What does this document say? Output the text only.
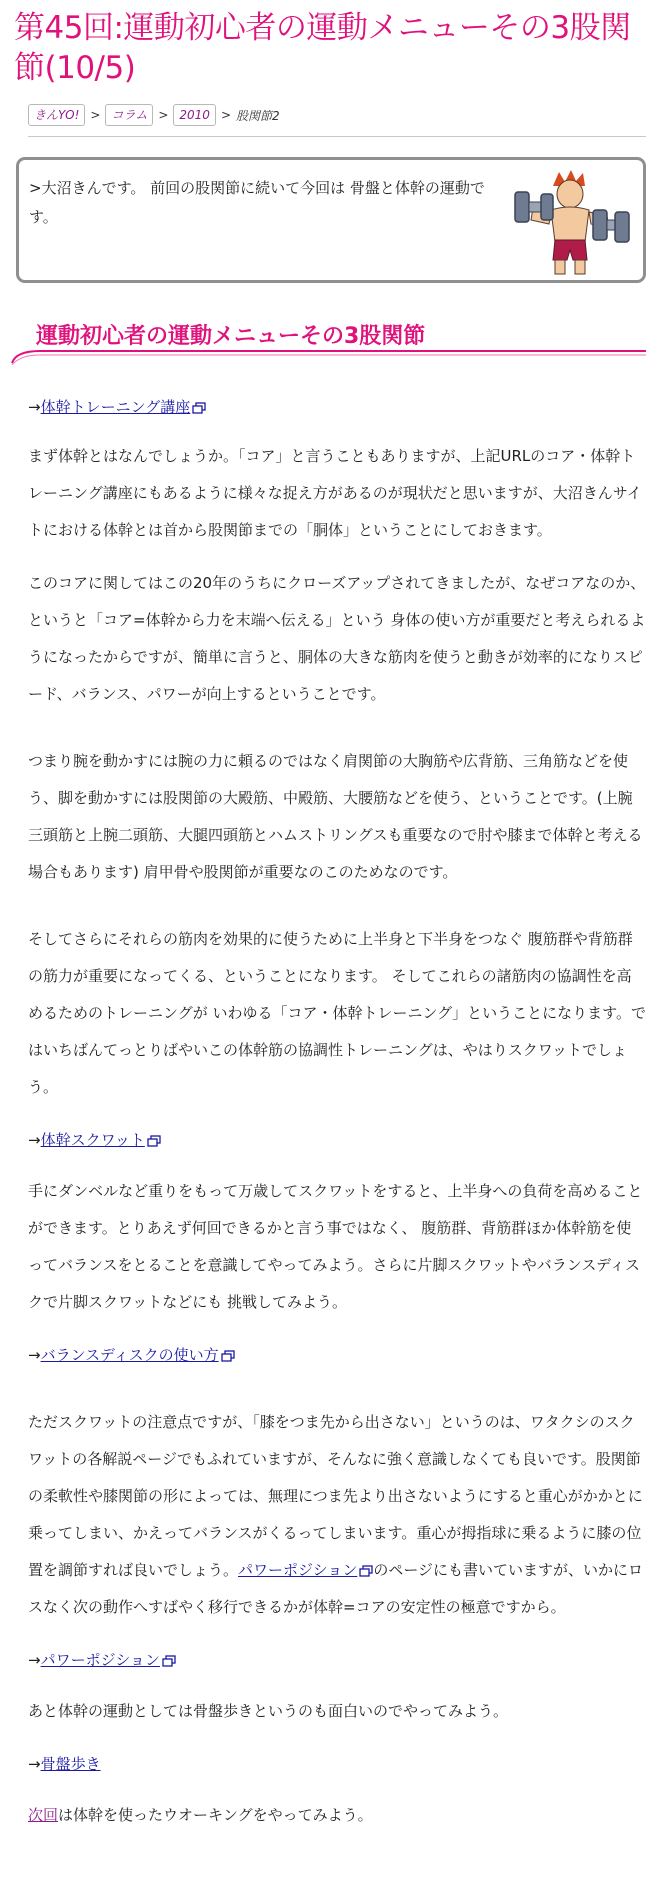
第45回:運動初心者の運動メニューその3股関節(10/5)
きんYO! > コラム > 2010 > 股関節2
>大沼きんです。 前回の股関節に続いて今回は 骨盤と体幹の運動です。
運動初心者の運動メニューその3股関節

→体幹トレーニング講座

まず体幹とはなんでしょうか。「コア」と言うこともありますが、上記URLのコア・体幹トレーニング講座にもあるように様々な捉え方があるのが現状だと思いますが、大沼きんサイトにおける体幹とは首から股関節までの「胴体」ということにしておきます。

このコアに関してはこの20年のうちにクローズアップされてきましたが、なぜコアなのか、というと「コア=体幹から力を末端へ伝える」という 身体の使い方が重要だと考えられるようになったからですが、簡単に言うと、胴体の大きな筋肉を使うと動きが効率的になりスピード、バランス、パワーが向上するということです。

つまり腕を動かすには腕の力に頼るのではなく肩関節の大胸筋や広背筋、三角筋などを使う、脚を動かすには股関節の大殿筋、中殿筋、大腰筋などを使う、ということです。(上腕三頭筋と上腕二頭筋、大腿四頭筋とハムストリングスも重要なので肘や膝まで体幹と考える場合もあります) 肩甲骨や股関節が重要なのこのためなのです。

そしてさらにそれらの筋肉を効果的に使うために上半身と下半身をつなぐ 腹筋群や背筋群の筋力が重要になってくる、ということになります。 そしてこれらの諸筋肉の協調性を高めるためのトレーニングが いわゆる「コア・体幹トレーニング」ということになります。ではいちばんてっとりばやいこの体幹筋の協調性トレーニングは、やはりスクワットでしょう。

→体幹スクワット

手にダンベルなど重りをもって万歳してスクワットをすると、上半身への負荷を高めることができます。とりあえず何回できるかと言う事ではなく、 腹筋群、背筋群ほか体幹筋を使ってバランスをとることを意識してやってみよう。さらに片脚スクワットやバランスディスクで片脚スクワットなどにも 挑戦してみよう。

→バランスディスクの使い方

ただスクワットの注意点ですが、「膝をつま先から出さない」というのは、ワタクシのスクワットの各解説ページでもふれていますが、そんなに強く意識しなくても良いです。股関節の柔軟性や膝関節の形によっては、無理につま先より出さないようにすると重心がかかとに乗ってしまい、かえってバランスがくるってしまいます。重心が拇指球に乗るように膝の位置を調節すれば良いでしょう。パワーポジション のページにも書いていますが、いかにロスなく次の動作へすばやく移行できるかが体幹=コアの安定性の極意ですから。

→パワーポジション

あと体幹の運動としては骨盤歩きというのも面白いのでやってみよう。

→骨盤歩き

次回は体幹を使ったウオーキングをやってみよう。
